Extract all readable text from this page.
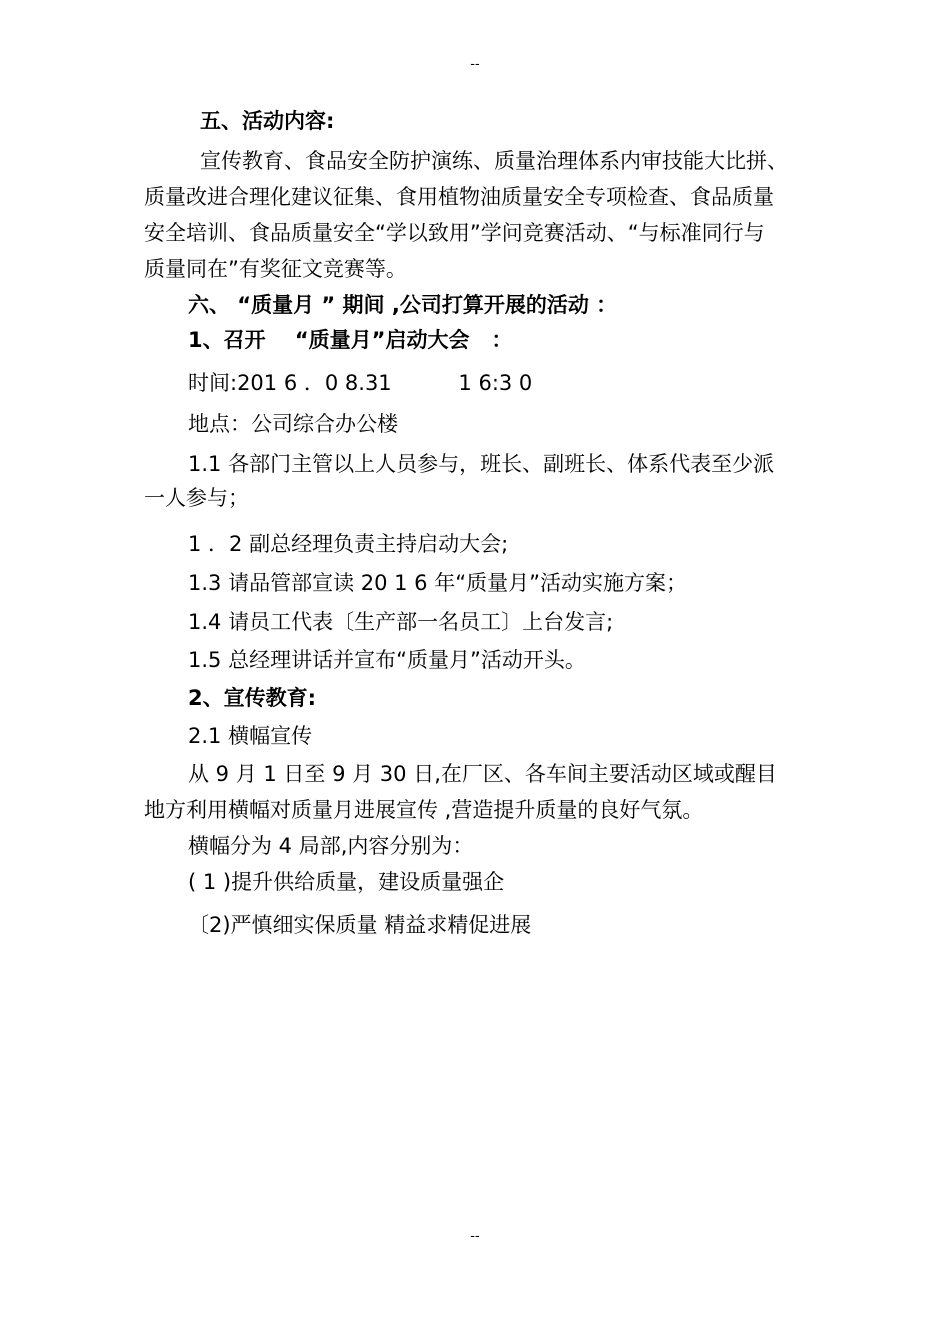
--
五、活动内容:
宣传教育、食品安全防护演练、质量治理体系内审技能大比拼、
质量改进合理化建议征集、食用植物油质量安全专项检查、食品质量
安全培训、食品质量安全“学以致用”学问竞赛活动、“与标准同行与
质量同在”有奖征文竞赛等。
六、 “质量月 ” 期间 ,公司打算开展的活动 ：
1、召开    “质量月”启动大会   ：
时间:201 6 ．0 8.31          1 6:3 0
地点：公司综合办公楼
1.1 各部门主管以上人员参与，班长、副班长、体系代表至少派
一人参与；
1 ．2 副总经理负责主持启动大会;
1.3 请品管部宣读 20 1 6 年“质量月”活动实施方案；
1.4 请员工代表〔生产部一名员工〕上台发言;
1.5 总经理讲话并宣布“质量月”活动开头。
2、宣传教育:
2.1 横幅宣传
从 9 月 1 日至 9 月 30 日,在厂区、各车间主要活动区域或醒目
地方利用横幅对质量月进展宣传 ,营造提升质量的良好气氛。
横幅分为 4 局部,内容分别为：
( 1 )提升供给质量，建设质量强企
〔2)严慎细实保质量 精益求精促进展
--
